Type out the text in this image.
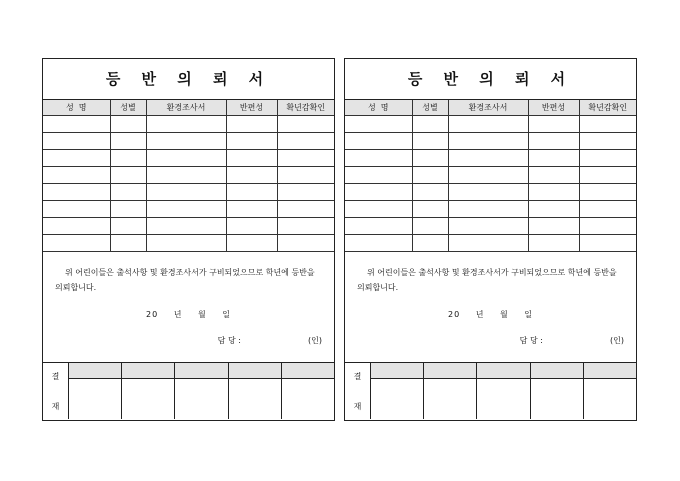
등 반 의 뢰 서
성  명	성별	환경조사서	반편성	확년감확인

위 어린이들은 출석사항 및 환경조사서가 구비되었으므로 학년에 등반을 의뢰합니다.
20 년 월 일
담 당 :	(인)
결
재
등 반 의 뢰 서
성  명	성별	환경조사서	반편성	확년감확인

위 어린이들은 출석사항 및 환경조사서가 구비되었으므로 학년에 등반을 의뢰합니다.
20 년 월 일
담 당 :	(인)
결
재
